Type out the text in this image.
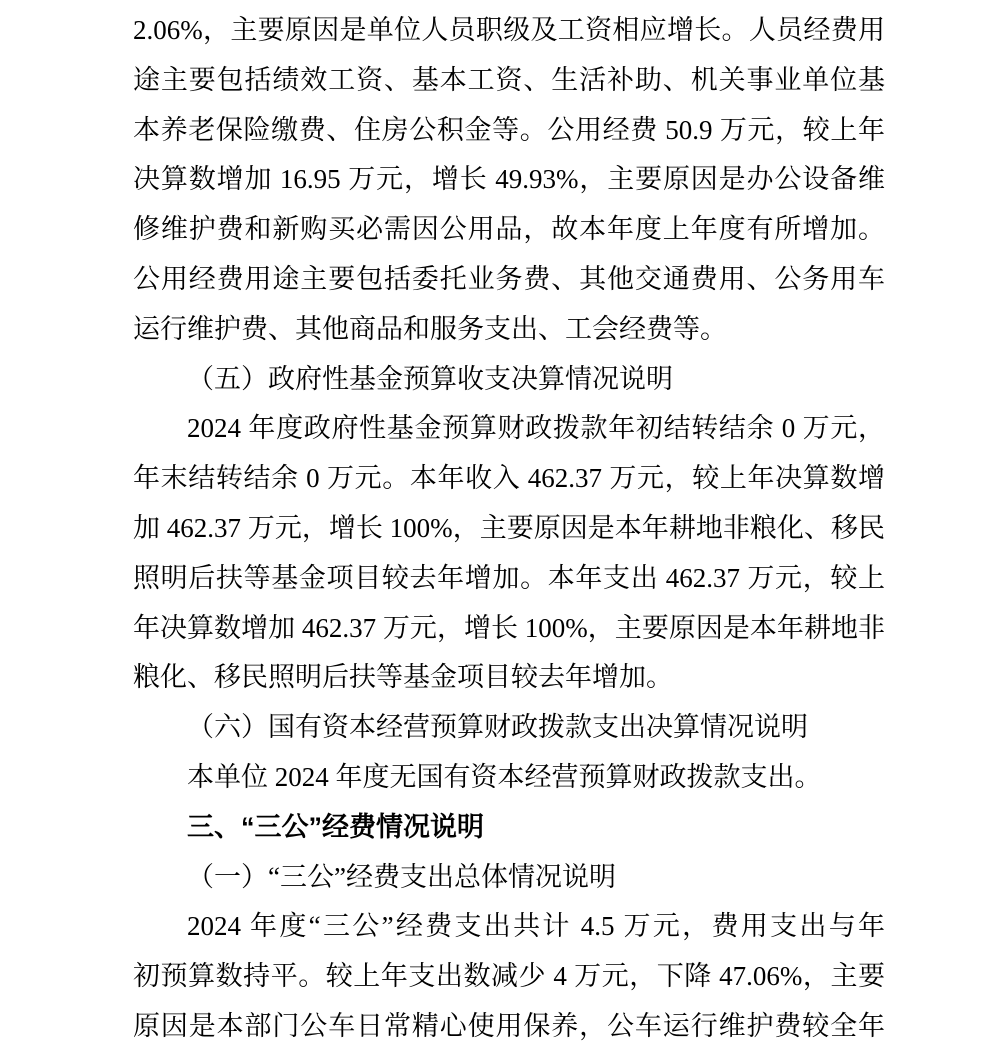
2.06%，主要原因是单位人员职级及工资相应增长。人员经费用
途主要包括绩效工资、基本工资、生活补助、机关事业单位基
本养老保险缴费、住房公积金等。公用经费 50.9 万元，较上年
决算数增加 16.95 万元，增长 49.93%，主要原因是办公设备维
修维护费和新购买必需因公用品，故本年度上年度有所增加。
公用经费用途主要包括委托业务费、其他交通费用、公务用车
运行维护费、其他商品和服务支出、工会经费等。
（五）政府性基金预算收支决算情况说明
2024 年度政府性基金预算财政拨款年初结转结余 0 万元，
年末结转结余 0 万元。本年收入 462.37 万元，较上年决算数增
加 462.37 万元，增长 100%，主要原因是本年耕地非粮化、移民
照明后扶等基金项目较去年增加。本年支出 462.37 万元，较上
年决算数增加 462.37 万元，增长 100%，主要原因是本年耕地非
粮化、移民照明后扶等基金项目较去年增加。
（六）国有资本经营预算财政拨款支出决算情况说明
本单位 2024 年度无国有资本经营预算财政拨款支出。
三、“三公”经费情况说明
（一）“三公”经费支出总体情况说明
2024 年度“三公”经费支出共计 4.5 万元，费用支出与年
初预算数持平。较上年支出数减少 4 万元，下降 47.06%，主要
原因是本部门公车日常精心使用保养，公车运行维护费较全年
